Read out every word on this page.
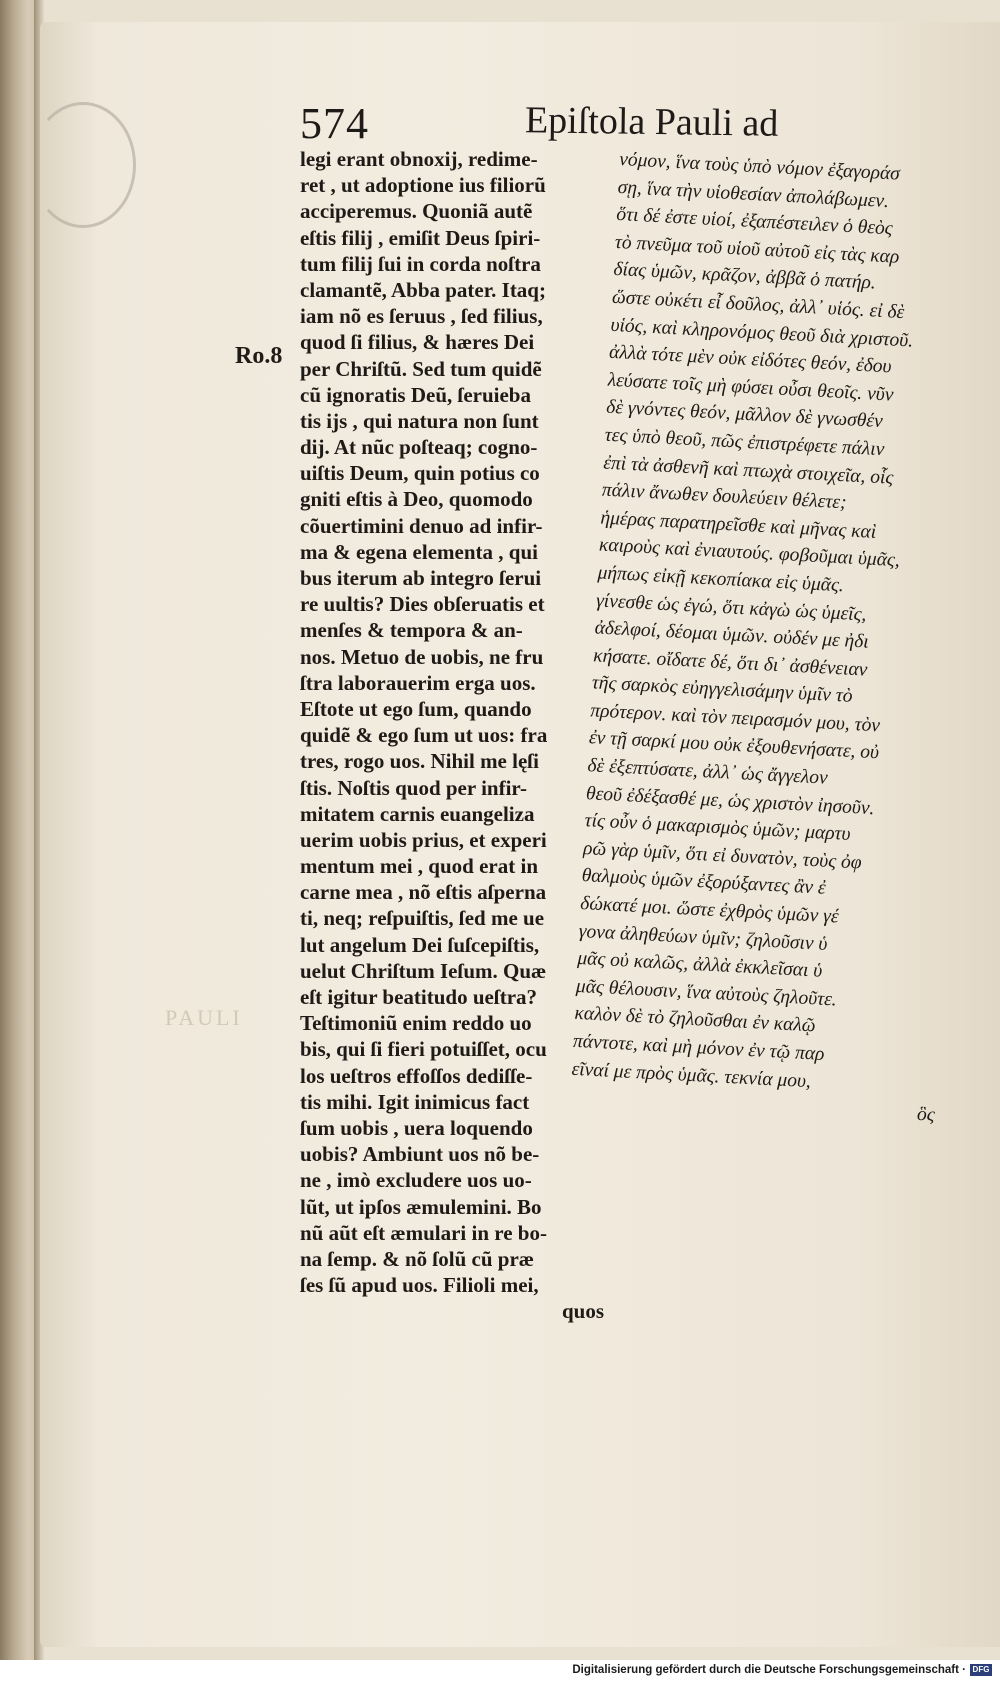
574	Epiſtola Pauli ad
Ro.8
PAULI
legi erant obnoxij, redime-
ret , ut adoptione ius filiorũ
acciperemus. Quoniã autẽ
eſtis filij , emiſit Deus ſpiri-
tum filij ſui in corda noſtra
clamantẽ, Abba pater. Itaq;
iam nõ es ſeruus , ſed filius,
quod ſi filius, & hæres Dei
per Chriſtũ. Sed tum quidẽ
cũ ignoratis Deũ, ſeruieba
tis ijs , qui natura non ſunt
dij. At nũc poſteaq; cogno-
uiſtis Deum, quin potius co
gniti eſtis à Deo, quomodo
cõuertimini denuo ad infir-
ma & egena elementa , qui
bus iterum ab integro ſerui
re uultis? Dies obſeruatis et
menſes & tempora & an-
nos. Metuo de uobis, ne fru
ſtra laborauerim erga uos.
Eſtote ut ego ſum, quando
quidẽ & ego ſum ut uos: fra
tres, rogo uos. Nihil me lęſi
ſtis. Noſtis quod per infir-
mitatem carnis euangeliza
uerim uobis prius, et experi
mentum mei , quod erat in
carne mea , nõ eſtis aſperna
ti, neq; reſpuiſtis, ſed me ue
lut angelum Dei ſuſcepiſtis,
uelut Chriſtum Ieſum. Quæ
eſt igitur beatitudo ueſtra?
Teſtimoniũ enim reddo uo
bis, qui ſi fieri potuiſſet, ocu
los ueſtros effoſſos dediſſe-
tis mihi. Igit inimicus fact
ſum uobis , uera loquendo
uobis? Ambiunt uos nõ be-
ne , imò excludere uos uo-
lũt, ut ipſos æmulemini. Bo
nũ aũt eſt æmulari in re bo-
na ſemp. & nõ ſolũ cũ præ
ſes ſũ apud uos. Filioli mei,
quos
νόμον, ἵνα τοὺς ὑπὸ νόμον ἐξαγοράσ
σῃ, ἵνα τὴν υἱοθεσίαν ἀπολάβωμεν.
ὅτι δέ ἐστε υἱοί, ἐξαπέστειλεν ὁ θεὸς
τὸ πνεῦμα τοῦ υἱοῦ αὐτοῦ εἰς τὰς καρ
δίας ὑμῶν, κρᾶζον, ἀββᾶ ὁ πατήρ.
ὥστε οὐκέτι εἶ δοῦλος, ἀλλ᾽ υἱός. εἰ δὲ
υἱός, καὶ κληρονόμος θεοῦ διὰ χριστοῦ.
ἀλλὰ τότε μὲν οὐκ εἰδότες θεόν, ἐδου
λεύσατε τοῖς μὴ φύσει οὖσι θεοῖς. νῦν
δὲ γνόντες θεόν, μᾶλλον δὲ γνωσθέν
τες ὑπὸ θεοῦ, πῶς ἐπιστρέφετε πάλιν
ἐπὶ τὰ ἀσθενῆ καὶ πτωχὰ στοιχεῖα, οἷς
πάλιν ἄνωθεν δουλεύειν θέλετε;
ἡμέρας παρατηρεῖσθε καὶ μῆνας καὶ
καιροὺς καὶ ἐνιαυτούς. φοβοῦμαι ὑμᾶς,
μήπως εἰκῇ κεκοπίακα εἰς ὑμᾶς.
γίνεσθε ὡς ἐγώ, ὅτι κἀγὼ ὡς ὑμεῖς,
ἀδελφοί, δέομαι ὑμῶν. οὐδέν με ἠδι
κήσατε. οἴδατε δέ, ὅτι δι᾽ ἀσθένειαν
τῆς σαρκὸς εὐηγγελισάμην ὑμῖν τὸ
πρότερον. καὶ τὸν πειρασμόν μου, τὸν
ἐν τῇ σαρκί μου οὐκ ἐξουθενήσατε, οὐ
δὲ ἐξεπτύσατε, ἀλλ᾽ ὡς ἄγγελον
θεοῦ ἐδέξασθέ με, ὡς χριστὸν ἰησοῦν.
τίς οὖν ὁ μακαρισμὸς ὑμῶν; μαρτυ
ρῶ γὰρ ὑμῖν, ὅτι εἰ δυνατὸν, τοὺς ὀφ
θαλμοὺς ὑμῶν ἐξορύξαντες ἂν ἐ
δώκατέ μοι. ὥστε ἐχθρὸς ὑμῶν γέ
γονα ἀληθεύων ὑμῖν; ζηλοῦσιν ὑ
μᾶς οὐ καλῶς, ἀλλὰ ἐκκλεῖσαι ὑ
μᾶς θέλουσιν, ἵνα αὐτοὺς ζηλοῦτε.
καλὸν δὲ τὸ ζηλοῦσθαι ἐν καλῷ
πάντοτε, καὶ μὴ μόνον ἐν τῷ παρ
εῖναί με πρὸς ὑμᾶς. τεκνία μου,
ὃς
Digitalisierung gefördert durch die Deutsche Forschungsgemeinschaft · DFG
